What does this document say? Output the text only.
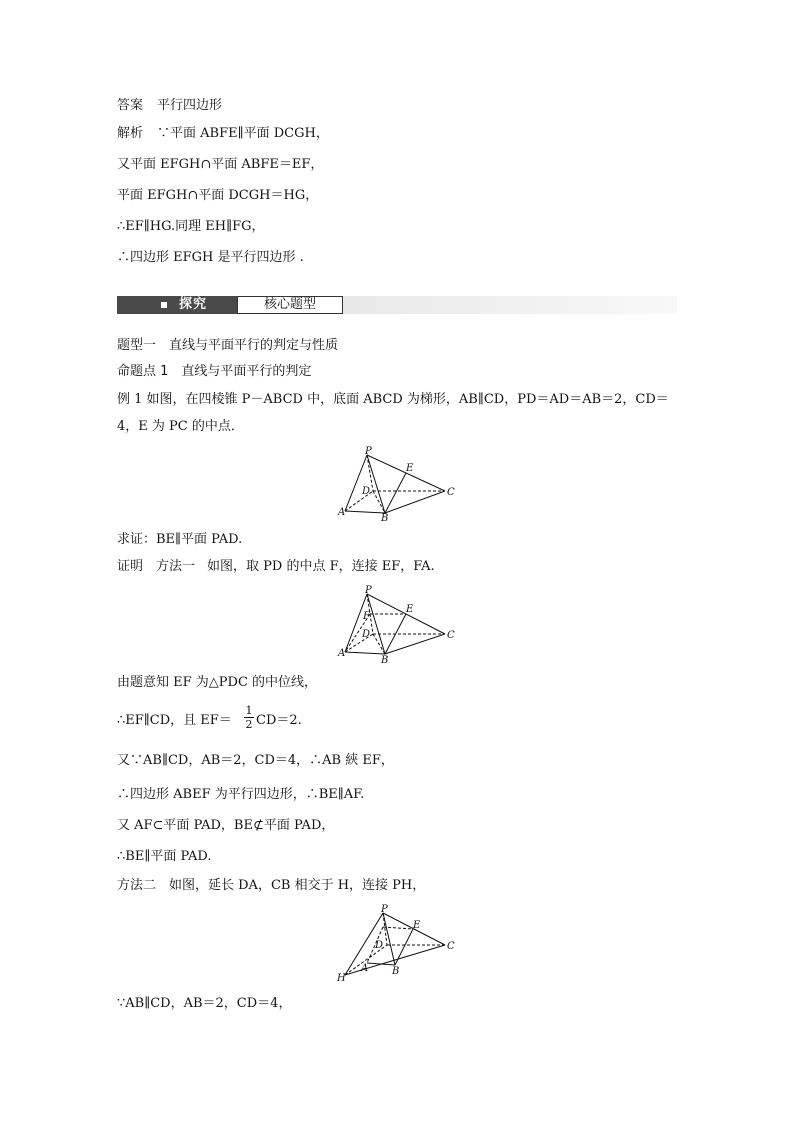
答案 平行四边形
解析 ∵平面 ABFE∥平面 DCGH，
又平面 EFGH∩平面 ABFE＝EF，
平面 EFGH∩平面 DCGH＝HG，
∴EF∥HG.同理 EH∥FG，
∴四边形 EFGH 是平行四边形 .
探究	核心题型
题型一　直线与平面平行的判定与性质
命题点 1　直线与平面平行的判定
例 1 如图，在四棱锥 P－ABCD 中，底面 ABCD 为梯形，AB∥CD，PD＝AD＝AB＝2，CD＝
4，E 为 PC 的中点．
P
E
D	C
A
B
求证：BE∥平面 PAD.
证明　方法一 如图，取 PD 的中点 F，连接 EF，FA.
P
E
F
D	C
A
B
由题意知 EF 为△PDC 的中位线，
∴EF∥CD，且 $EF= \frac{1}{2} CD=2$.
又∵AB∥CD，AB＝2，CD＝4，∴AB 綊 EF，
∴四边形 ABEF 为平行四边形，∴BE∥AF.
又 AF⊂平面 PAD，BE⊄平面 PAD，
∴BE∥平面 PAD.
方法二　如图，延长 DA，CB 相交于 H，连接 PH，
P
E
D	C
A B
H
∵AB∥CD，AB＝2，CD＝4，
